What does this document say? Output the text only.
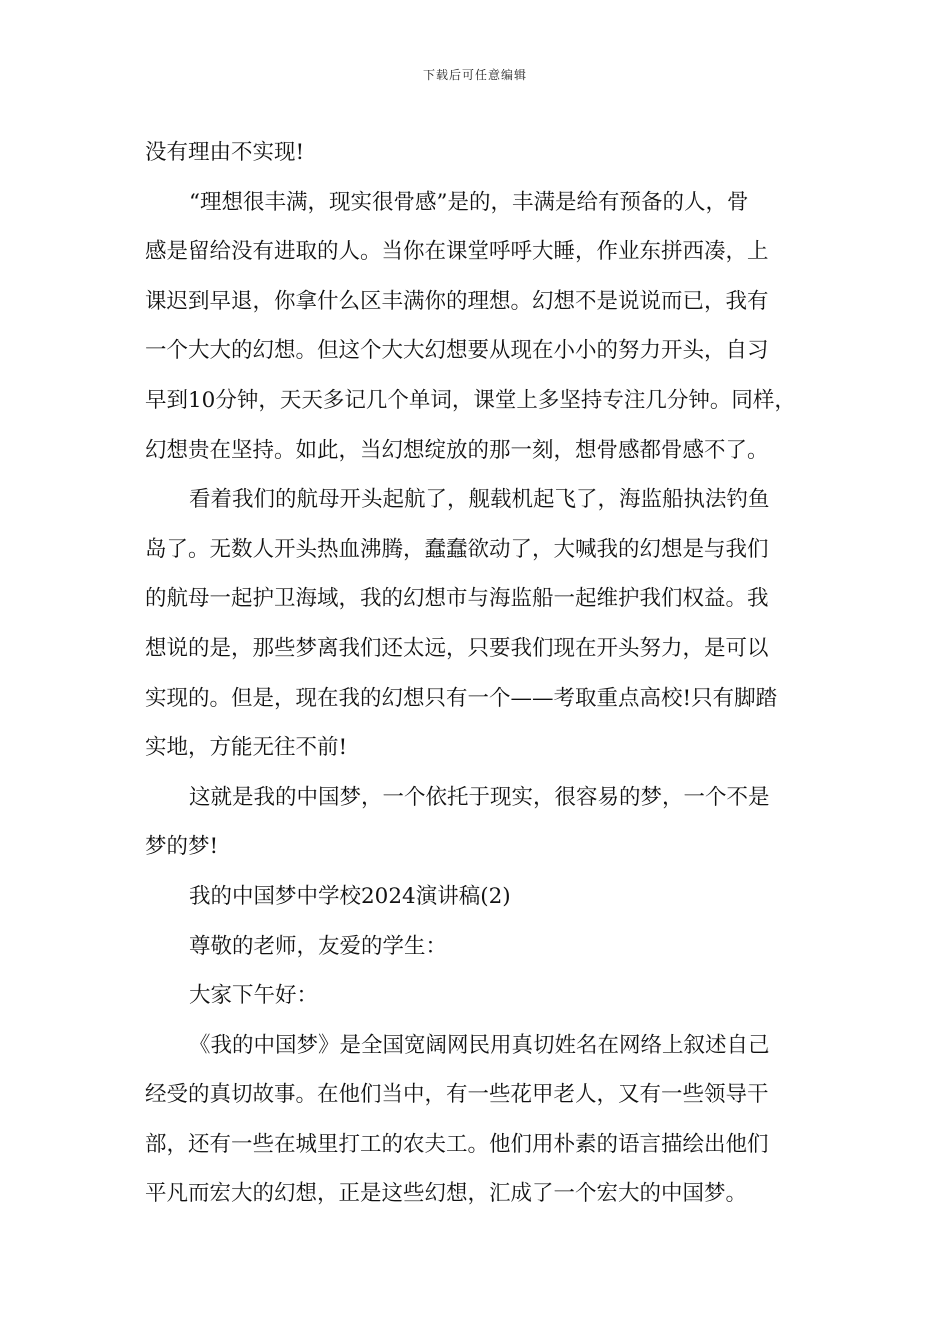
下载后可任意编辑
没有理由不实现!
“理想很丰满，现实很骨感”是的，丰满是给有预备的人，骨
感是留给没有进取的人。当你在课堂呼呼大睡，作业东拼西凑，上
课迟到早退，你拿什么区丰满你的理想。幻想不是说说而已，我有
一个大大的幻想。但这个大大幻想要从现在小小的努力开头，自习
早到10分钟，天天多记几个单词，课堂上多坚持专注几分钟。同样，
幻想贵在坚持。如此，当幻想绽放的那一刻，想骨感都骨感不了。
看着我们的航母开头起航了，舰载机起飞了，海监船执法钓鱼
岛了。无数人开头热血沸腾，蠢蠢欲动了，大喊我的幻想是与我们
的航母一起护卫海域，我的幻想市与海监船一起维护我们权益。我
想说的是，那些梦离我们还太远，只要我们现在开头努力，是可以
实现的。但是，现在我的幻想只有一个——考取重点高校!只有脚踏
实地，方能无往不前!
这就是我的中国梦，一个依托于现实，很容易的梦，一个不是
梦的梦!
我的中国梦中学校2024演讲稿(2)
尊敬的老师，友爱的学生：
大家下午好：
《我的中国梦》是全国宽阔网民用真切姓名在网络上叙述自己
经受的真切故事。在他们当中，有一些花甲老人，又有一些领导干
部，还有一些在城里打工的农夫工。他们用朴素的语言描绘出他们
平凡而宏大的幻想，正是这些幻想，汇成了一个宏大的中国梦。
